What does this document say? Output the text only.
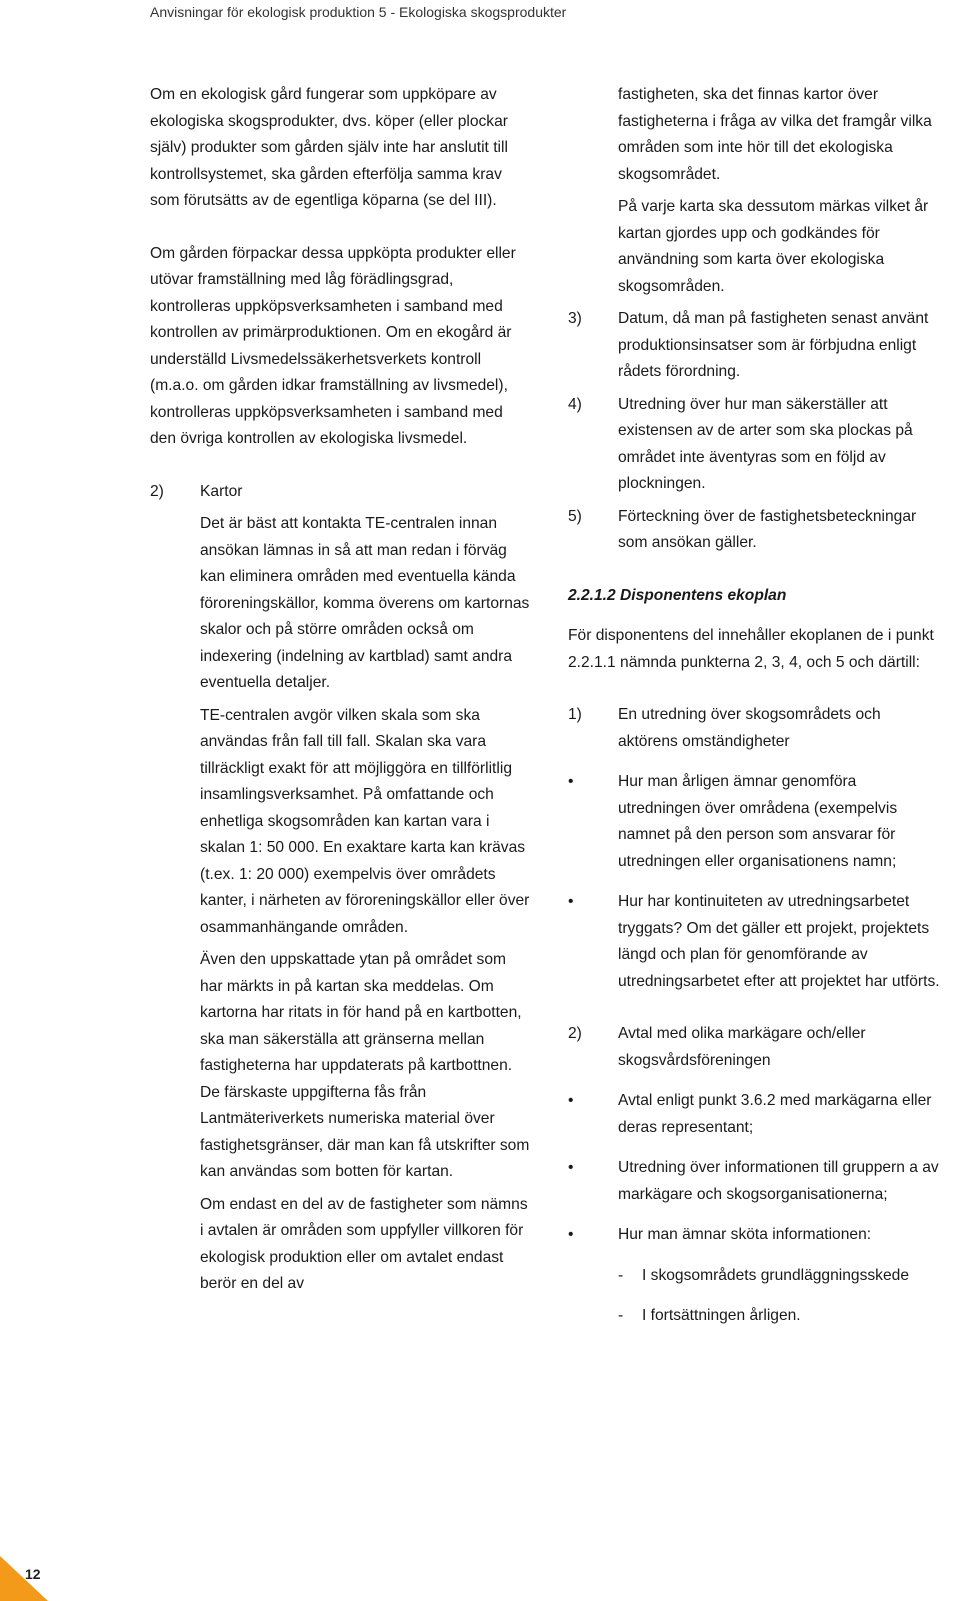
Anvisningar för ekologisk produktion 5 - Ekologiska skogsprodukter

Om en ekologisk gård fungerar som uppköpare av ekologiska skogsprodukter, dvs. köper (eller plockar själv) produkter som gården själv inte har anslutit till kontrollsystemet, ska gården efterfölja samma krav som förutsätts av de egentliga köparna (se del III).

Om gården förpackar dessa uppköpta produkter eller utövar framställning med låg förädlingsgrad, kontrolleras uppköpsverksamheten i samband med kontrollen av primärproduktionen. Om en ekogård är underställd Livsmedelssäkerhetsverkets kontroll (m.a.o. om gården idkar framställning av livsmedel), kontrolleras uppköpsverksamheten i samband med den övriga kontrollen av ekologiska livsmedel.

2)	Kartor

Det är bäst att kontakta TE-centralen innan ansökan lämnas in så att man redan i förväg kan eliminera områden med eventuella kända föroreningskällor, komma överens om kartornas skalor och på större områden också om indexering (indelning av kartblad) samt andra eventuella detaljer.

TE-centralen avgör vilken skala som ska användas från fall till fall. Skalan ska vara tillräckligt exakt för att möjliggöra en tillförlitlig insamlingsverksamhet. På omfattande och enhetliga skogsområden kan kartan vara i skalan 1: 50 000. En exaktare karta kan krävas (t.ex. 1: 20 000) exempelvis över områdets kanter, i närheten av föroreningskällor eller över osammanhängande områden.

Även den uppskattade ytan på området som har märkts in på kartan ska meddelas. Om kartorna har ritats in för hand på en kartbotten, ska man säkerställa att gränserna mellan fastigheterna har uppdaterats på kartbottnen. De färskaste uppgifterna fås från Lantmäteriverkets numeriska material över fastighetsgränser, där man kan få utskrifter som kan användas som botten för kartan.

Om endast en del av de fastigheter som nämns i avtalen är områden som uppfyller villkoren för ekologisk produktion eller om avtalet endast berör en del av

fastigheten, ska det finnas kartor över fastigheterna i fråga av vilka det framgår vilka områden som inte hör till det ekologiska skogsområdet.

På varje karta ska dessutom märkas vilket år kartan gjordes upp och godkändes för användning som karta över ekologiska skogsområden.

3)	Datum, då man på fastigheten senast använt produktionsinsatser som är förbjudna enligt rådets förordning.
4)	Utredning över hur man säkerställer att existensen av de arter som ska plockas på området inte äventyras som en följd av plockningen.
5)	Förteckning över de fastighetsbeteckningar som ansökan gäller.

2.2.1.2 Disponentens ekoplan

För disponentens del innehåller ekoplanen de i punkt 2.2.1.1 nämnda punkterna 2, 3, 4, och 5 och därtill:

1)	En utredning över skogsområdets och aktörens omständigheter
•	Hur man årligen ämnar genomföra utredningen över områdena (exempelvis namnet på den person som ansvarar för utredningen eller organisationens namn;
•	Hur har kontinuiteten av utredningsarbetet tryggats? Om det gäller ett projekt, projektets längd och plan för genomförande av utredningsarbetet efter att projektet har utförts.
2)	Avtal med olika markägare och/eller skogsvårdsföreningen
•	Avtal enligt punkt 3.6.2 med markägarna eller deras representant;
•	Utredning över informationen till gruppern a av markägare och skogsorganisationerna;
•	Hur man ämnar sköta informationen:
-	I skogsområdets grundläggningsskede
-	I fortsättningen årligen.
12
